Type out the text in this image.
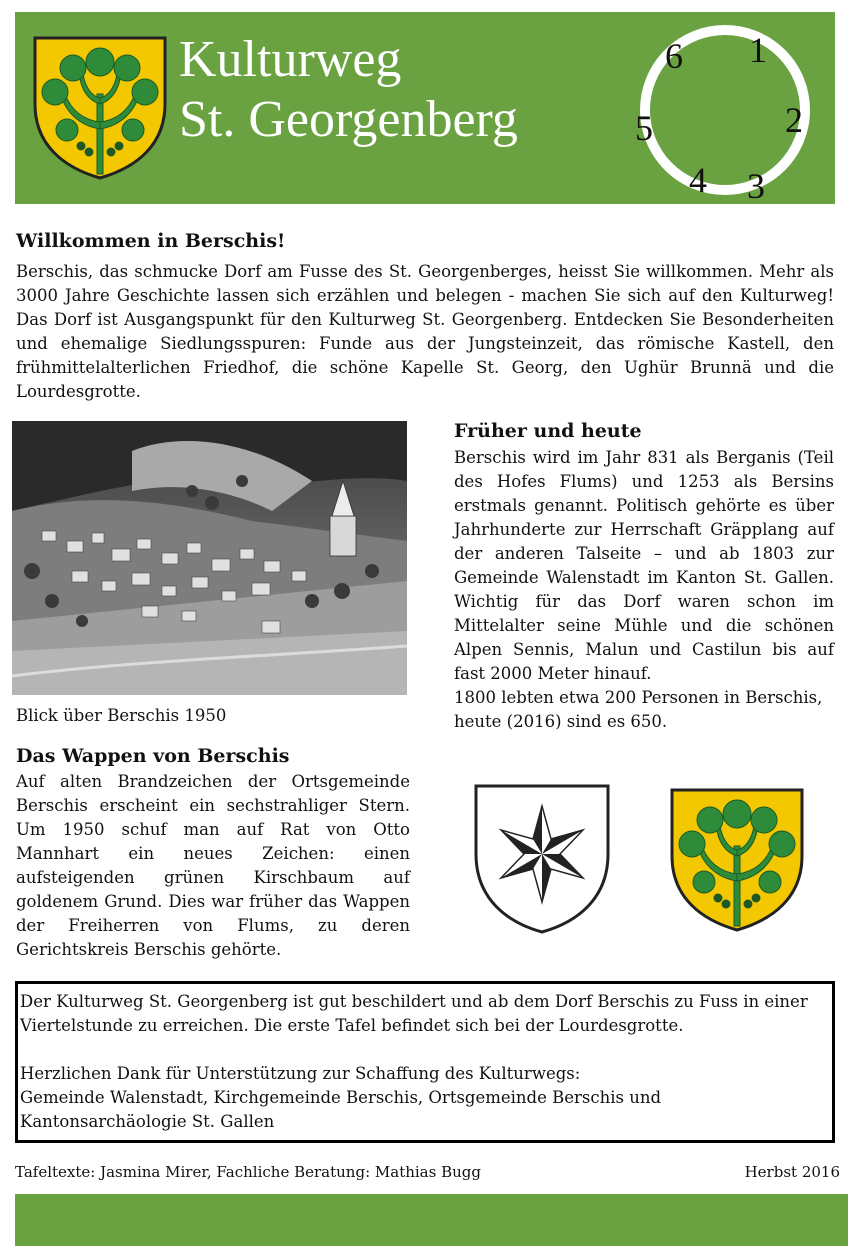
Kulturweg
St. Georgenberg
1
2
3
4
5
6
Willkommen in Berschis!

Berschis, das schmucke Dorf am Fusse des St. Georgenberges, heisst Sie willkommen. Mehr als 3000 Jahre Geschichte lassen sich erzählen und belegen - machen Sie sich auf den Kulturweg! Das Dorf ist Ausgangspunkt für den Kulturweg St. Georgenberg. Entdecken Sie Besonderheiten und ehemalige Siedlungsspuren: Funde aus der Jungsteinzeit, das römische Kastell, den frühmittelalterlichen Friedhof, die schöne Kapelle St. Georg, den Ughür Brunnä und die Lourdesgrotte.

Blick über Berschis 1950
Früher und heute

Berschis wird im Jahr 831 als Berganis (Teil des Hofes Flums) und 1253 als Bersins erstmals genannt. Politisch gehörte es über Jahrhunderte zur Herrschaft Gräpplang auf der anderen Talseite – und ab 1803 zur Gemeinde Walenstadt im Kanton St. Gallen. Wichtig für das Dorf waren schon im Mittelalter seine Mühle und die schönen Alpen Sennis, Malun und Castilun bis auf fast 2000 Meter hinauf.

1800 lebten etwa 200 Personen in Berschis, heute (2016) sind es 650.

Das Wappen von Berschis

Auf alten Brandzeichen der Ortsgemeinde Berschis erscheint ein sechstrahliger Stern. Um 1950 schuf man auf Rat von Otto Mannhart ein neues Zeichen: einen aufsteigenden grünen Kirschbaum auf goldenem Grund. Dies war früher das Wappen der Freiherren von Flums, zu deren Gerichtskreis Berschis gehörte.

Der Kulturweg St. Georgenberg ist gut beschildert und ab dem Dorf Berschis zu Fuss in einer

Viertelstunde zu erreichen. Die erste Tafel befindet sich bei der Lourdesgrotte.

Herzlichen Dank für Unterstützung zur Schaffung des Kulturwegs:

Gemeinde Walenstadt, Kirchgemeinde Berschis, Ortsgemeinde Berschis und

Kantonsarchäologie St. Gallen

Tafeltexte: Jasmina Mirer, Fachliche Beratung: Mathias Bugg	Herbst 2016
